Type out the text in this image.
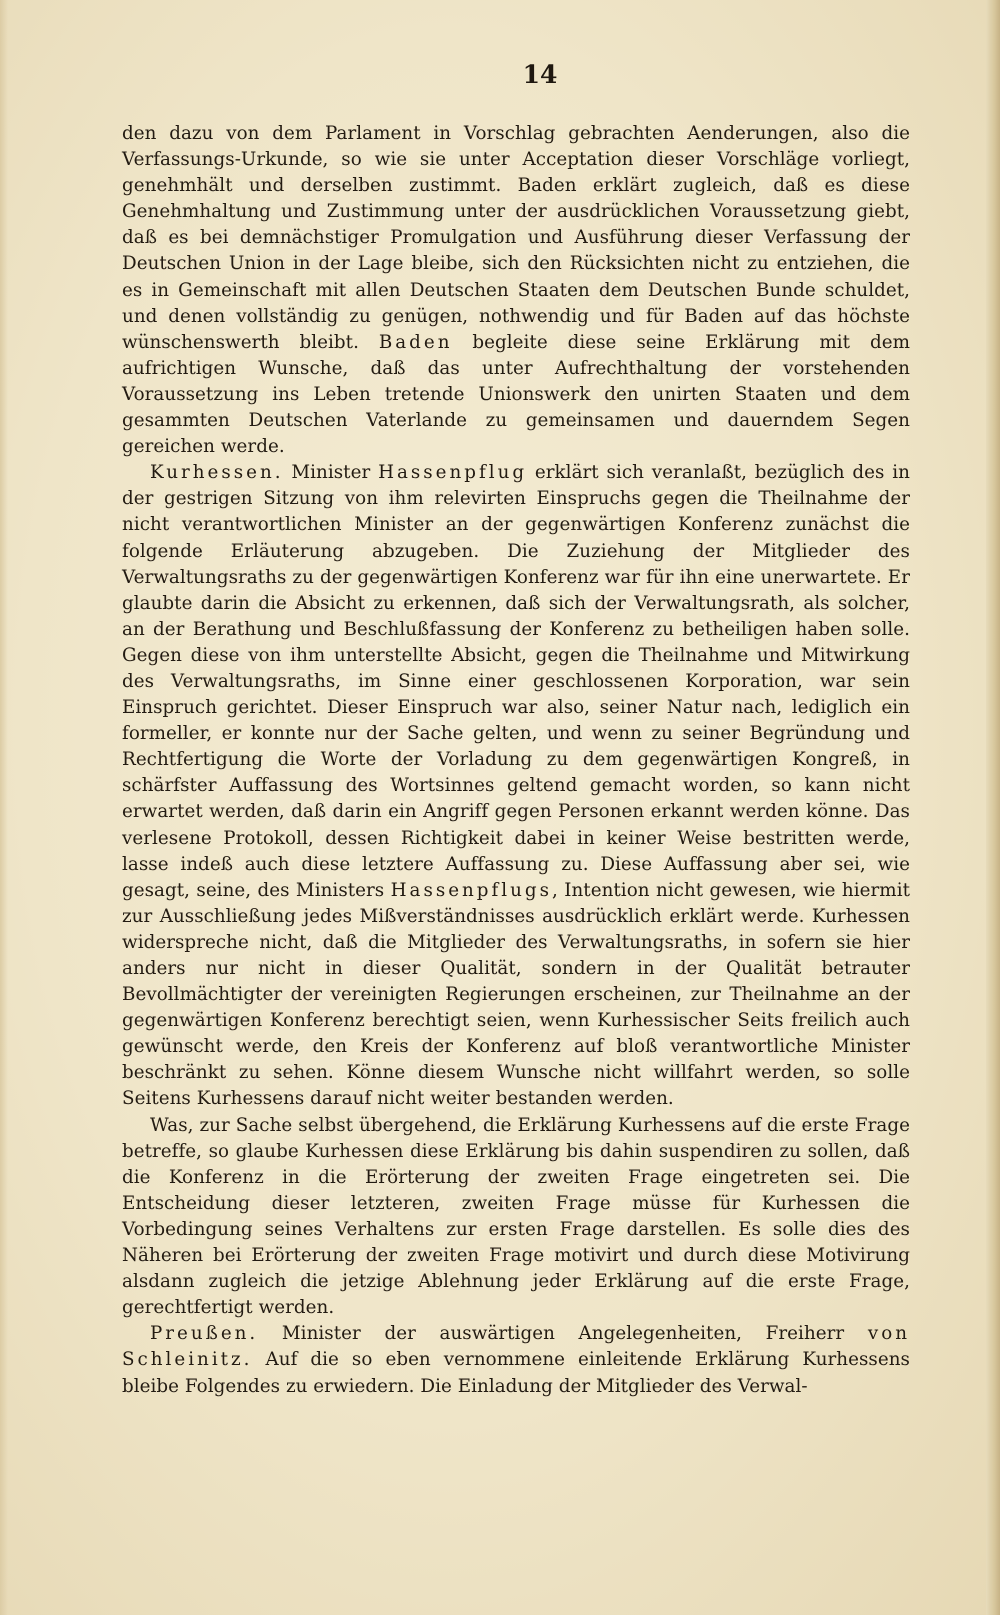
14

den dazu von dem Parlament in Vorschlag gebrachten Aenderungen, also die Verfassungs-Urkunde, so wie sie unter Acceptation dieser Vorschläge vorliegt, genehmhält und derselben zustimmt. Baden erklärt zugleich, daß es diese Genehmhaltung und Zustimmung unter der ausdrücklichen Voraussetzung giebt, daß es bei demnächstiger Promulgation und Ausführung dieser Verfassung der Deutschen Union in der Lage bleibe, sich den Rücksichten nicht zu entziehen, die es in Gemeinschaft mit allen Deutschen Staaten dem Deutschen Bunde schuldet, und denen vollständig zu genügen, nothwendig und für Baden auf das höchste wünschenswerth bleibt. Baden begleite diese seine Erklärung mit dem aufrichtigen Wunsche, daß das unter Aufrechthaltung der vorstehenden Voraussetzung ins Leben tretende Unionswerk den unirten Staaten und dem gesammten Deutschen Vaterlande zu gemeinsamen und dauerndem Segen gereichen werde.

Kurhessen. Minister Hassenpflug erklärt sich veranlaßt, bezüglich des in der gestrigen Sitzung von ihm relevirten Einspruchs gegen die Theilnahme der nicht verantwortlichen Minister an der gegenwärtigen Konferenz zunächst die folgende Erläuterung abzugeben. Die Zuziehung der Mitglieder des Verwaltungsraths zu der gegenwärtigen Konferenz war für ihn eine unerwartete. Er glaubte darin die Absicht zu erkennen, daß sich der Verwaltungsrath, als solcher, an der Berathung und Beschlußfassung der Konferenz zu betheiligen haben solle. Gegen diese von ihm unterstellte Absicht, gegen die Theilnahme und Mitwirkung des Verwaltungsraths, im Sinne einer geschlossenen Korporation, war sein Einspruch gerichtet. Dieser Einspruch war also, seiner Natur nach, lediglich ein formeller, er konnte nur der Sache gelten, und wenn zu seiner Begründung und Rechtfertigung die Worte der Vorladung zu dem gegenwärtigen Kongreß, in schärfster Auffassung des Wortsinnes geltend gemacht worden, so kann nicht erwartet werden, daß darin ein Angriff gegen Personen erkannt werden könne. Das verlesene Protokoll, dessen Richtigkeit dabei in keiner Weise bestritten werde, lasse indeß auch diese letztere Auffassung zu. Diese Auffassung aber sei, wie gesagt, seine, des Ministers Hassenpflugs, Intention nicht gewesen, wie hiermit zur Ausschließung jedes Mißverständnisses ausdrücklich erklärt werde. Kurhessen widerspreche nicht, daß die Mitglieder des Verwaltungsraths, in sofern sie hier anders nur nicht in dieser Qualität, sondern in der Qualität betrauter Bevollmächtigter der vereinigten Regierungen erscheinen, zur Theilnahme an der gegenwärtigen Konferenz berechtigt seien, wenn Kurhessischer Seits freilich auch gewünscht werde, den Kreis der Konferenz auf bloß verantwortliche Minister beschränkt zu sehen. Könne diesem Wunsche nicht willfahrt werden, so solle Seitens Kurhessens darauf nicht weiter bestanden werden.

Was, zur Sache selbst übergehend, die Erklärung Kurhessens auf die erste Frage betreffe, so glaube Kurhessen diese Erklärung bis dahin suspendiren zu sollen, daß die Konferenz in die Erörterung der zweiten Frage eingetreten sei. Die Entscheidung dieser letzteren, zweiten Frage müsse für Kurhessen die Vorbedingung seines Verhaltens zur ersten Frage darstellen. Es solle dies des Näheren bei Erörterung der zweiten Frage motivirt und durch diese Motivirung alsdann zugleich die jetzige Ablehnung jeder Erklärung auf die erste Frage, gerechtfertigt werden.

Preußen. Minister der auswärtigen Angelegenheiten, Freiherr von Schleinitz. Auf die so eben vernommene einleitende Erklärung Kurhessens bleibe Folgendes zu erwiedern. Die Einladung der Mitglieder des Verwal-
